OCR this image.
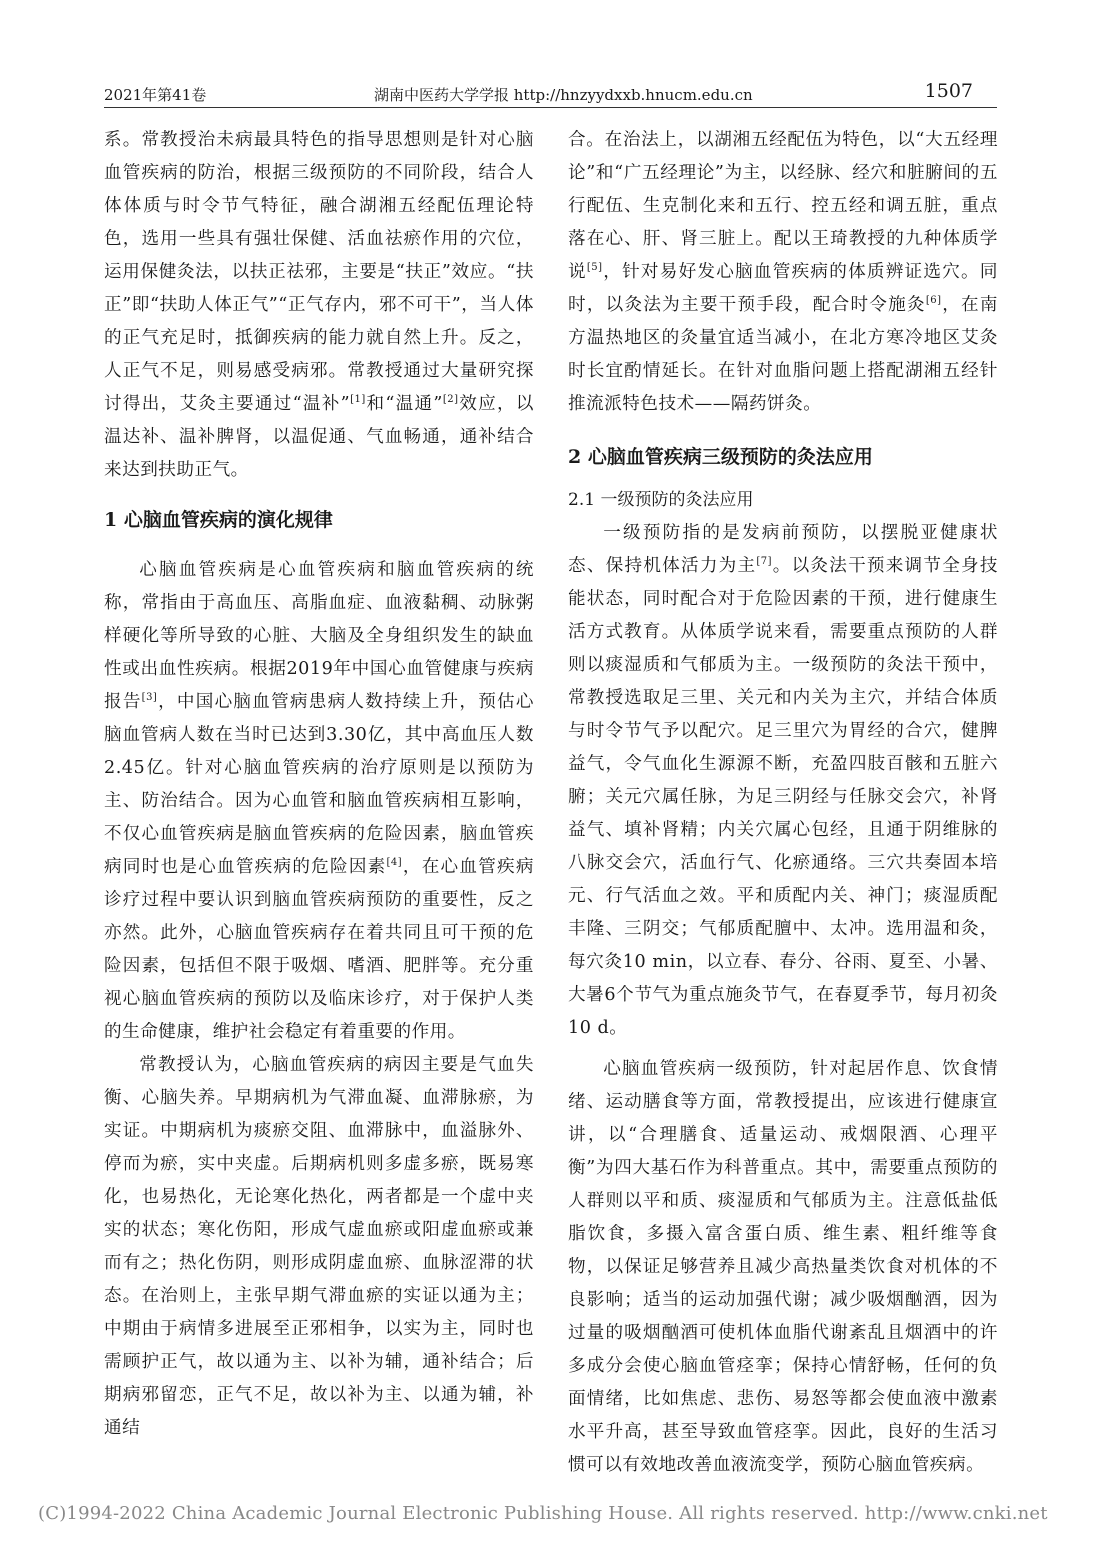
2021年第41卷	湖南中医药大学学报 http://hnzyydxxb.hnucm.edu.cn	1507

系。常教授治未病最具特色的指导思想则是针对心脑血管疾病的防治，根据三级预防的不同阶段，结合人体体质与时令节气特征，融合湖湘五经配伍理论特色，选用一些具有强壮保健、活血祛瘀作用的穴位，运用保健灸法，以扶正祛邪，主要是“扶正”效应。“扶正”即“扶助人体正气”“正气存内，邪不可干”，当人体的正气充足时，抵御疾病的能力就自然上升。反之，人正气不足，则易感受病邪。常教授通过大量研究探讨得出，艾灸主要通过“温补”[1]和“温通”[2]效应，以温达补、温补脾肾，以温促通、气血畅通，通补结合来达到扶助正气。

1 心脑血管疾病的演化规律

心脑血管疾病是心血管疾病和脑血管疾病的统称，常指由于高血压、高脂血症、血液黏稠、动脉粥样硬化等所导致的心脏、大脑及全身组织发生的缺血性或出血性疾病。根据2019年中国心血管健康与疾病报告[3]，中国心脑血管病患病人数持续上升，预估心脑血管病人数在当时已达到3.30亿，其中高血压人数2.45亿。针对心脑血管疾病的治疗原则是以预防为主、防治结合。因为心血管和脑血管疾病相互影响，不仅心血管疾病是脑血管疾病的危险因素，脑血管疾病同时也是心血管疾病的危险因素[4]，在心血管疾病诊疗过程中要认识到脑血管疾病预防的重要性，反之亦然。此外，心脑血管疾病存在着共同且可干预的危险因素，包括但不限于吸烟、嗜酒、肥胖等。充分重视心脑血管疾病的预防以及临床诊疗，对于保护人类的生命健康，维护社会稳定有着重要的作用。

常教授认为，心脑血管疾病的病因主要是气血失衡、心脑失养。早期病机为气滞血凝、血滞脉瘀，为实证。中期病机为痰瘀交阻、血滞脉中，血溢脉外、停而为瘀，实中夹虚。后期病机则多虚多瘀，既易寒化，也易热化，无论寒化热化，两者都是一个虚中夹实的状态；寒化伤阳，形成气虚血瘀或阳虚血瘀或兼而有之；热化伤阴，则形成阴虚血瘀、血脉涩滞的状态。在治则上，主张早期气滞血瘀的实证以通为主；中期由于病情多进展至正邪相争，以实为主，同时也需顾护正气，故以通为主、以补为辅，通补结合；后期病邪留恋，正气不足，故以补为主、以通为辅，补通结

合。在治法上，以湖湘五经配伍为特色，以“大五经理论”和“广五经理论”为主，以经脉、经穴和脏腑间的五行配伍、生克制化来和五行、控五经和调五脏，重点落在心、肝、肾三脏上。配以王琦教授的九种体质学说[5]，针对易好发心脑血管疾病的体质辨证选穴。同时，以灸法为主要干预手段，配合时令施灸[6]，在南方温热地区的灸量宜适当减小，在北方寒冷地区艾灸时长宜酌情延长。在针对血脂问题上搭配湖湘五经针推流派特色技术——隔药饼灸。

2 心脑血管疾病三级预防的灸法应用
2.1 一级预防的灸法应用

一级预防指的是发病前预防，以摆脱亚健康状态、保持机体活力为主[7]。以灸法干预来调节全身技能状态，同时配合对于危险因素的干预，进行健康生活方式教育。从体质学说来看，需要重点预防的人群则以痰湿质和气郁质为主。一级预防的灸法干预中，常教授选取足三里、关元和内关为主穴，并结合体质与时令节气予以配穴。足三里穴为胃经的合穴，健脾益气，令气血化生源源不断，充盈四肢百骸和五脏六腑；关元穴属任脉，为足三阴经与任脉交会穴，补肾益气、填补肾精；内关穴属心包经，且通于阴维脉的八脉交会穴，活血行气、化瘀通络。三穴共奏固本培元、行气活血之效。平和质配内关、神门；痰湿质配丰隆、三阴交；气郁质配膻中、太冲。选用温和灸，每穴灸10 min，以立春、春分、谷雨、夏至、小暑、大暑6个节气为重点施灸节气，在春夏季节，每月初灸10 d。

心脑血管疾病一级预防，针对起居作息、饮食情绪、运动膳食等方面，常教授提出，应该进行健康宣讲，以“合理膳食、适量运动、戒烟限酒、心理平衡”为四大基石作为科普重点。其中，需要重点预防的人群则以平和质、痰湿质和气郁质为主。注意低盐低脂饮食，多摄入富含蛋白质、维生素、粗纤维等食物，以保证足够营养且减少高热量类饮食对机体的不良影响；适当的运动加强代谢；减少吸烟酗酒，因为过量的吸烟酗酒可使机体血脂代谢紊乱且烟酒中的许多成分会使心脑血管痉挛；保持心情舒畅，任何的负面情绪，比如焦虑、悲伤、易怒等都会使血液中激素水平升高，甚至导致血管痉挛。因此，良好的生活习惯可以有效地改善血液流变学，预防心脑血管疾病。

(C)1994-2022 China Academic Journal Electronic Publishing House. All rights reserved. http://www.cnki.net
